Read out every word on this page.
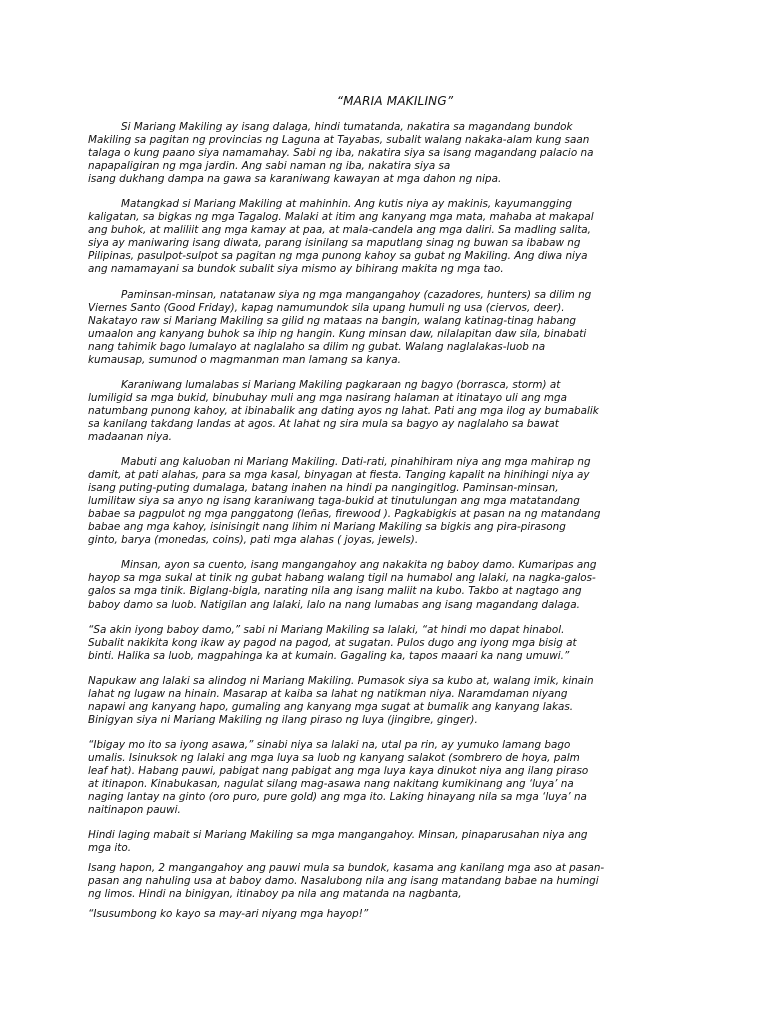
“MARIA MAKILING”

Si Mariang Makiling ay isang dalaga, hindi tumatanda, nakatira sa magandang bundok
Makiling sa pagitan ng provincias ng Laguna at Tayabas, subalit walang nakaka-alam kung saan
talaga o kung paano siya namamahay. Sabi ng iba, nakatira siya sa isang magandang palacio na
napapaligiran ng mga jardin. Ang sabi naman ng iba, nakatira siya sa
isang dukhang dampa na gawa sa karaniwang kawayan at mga dahon ng nipa.

Matangkad si Mariang Makiling at mahinhin. Ang kutis niya ay makinis, kayumangging
kaligatan, sa bigkas ng mga Tagalog. Malaki at itim ang kanyang mga mata, mahaba at makapal
ang buhok, at maliliit ang mga kamay at paa, at mala-candela ang mga daliri. Sa madling salita,
siya ay maniwaring isang diwata, parang isinilang sa maputlang sinag ng buwan sa ibabaw ng
Pilipinas, pasulpot-sulpot sa pagitan ng mga punong kahoy sa gubat ng Makiling. Ang diwa niya
ang namamayani sa bundok subalit siya mismo ay bihirang makita ng mga tao.

Paminsan-minsan, natatanaw siya ng mga mangangahoy (cazadores, hunters) sa dilim ng
Viernes Santo (Good Friday), kapag namumundok sila upang humuli ng usa (ciervos, deer).
Nakatayo raw si Mariang Makiling sa gilid ng mataas na bangin, walang katinag-tinag habang
umaalon ang kanyang buhok sa ihip ng hangin. Kung minsan daw, nilalapitan daw sila, binabati
nang tahimik bago lumalayo at naglalaho sa dilim ng gubat. Walang naglalakas-luob na
kumausap, sumunod o magmanman man lamang sa kanya.

Karaniwang lumalabas si Mariang Makiling pagkaraan ng bagyo (borrasca, storm) at
lumiligid sa mga bukid, binubuhay muli ang mga nasirang halaman at itinatayo uli ang mga
natumbang punong kahoy, at ibinabalik ang dating ayos ng lahat. Pati ang mga ilog ay bumabalik
sa kanilang takdang landas at agos. At lahat ng sira mula sa bagyo ay naglalaho sa bawat
madaanan niya.

Mabuti ang kaluoban ni Mariang Makiling. Dati-rati, pinahihiram niya ang mga mahirap ng
damit, at pati alahas, para sa mga kasal, binyagan at fiesta. Tanging kapalit na hinihingi niya ay
isang puting-puting dumalaga, batang inahen na hindi pa nangingitlog. Paminsan-minsan,
lumilitaw siya sa anyo ng isang karaniwang taga-bukid at tinutulungan ang mga matatandang
babae sa pagpulot ng mga panggatong (leñas, firewood ). Pagkabigkis at pasan na ng matandang
babae ang mga kahoy, isinisingit nang lihim ni Mariang Makiling sa bigkis ang pira-pirasong
ginto, barya (monedas, coins), pati mga alahas ( joyas, jewels).

Minsan, ayon sa cuento, isang mangangahoy ang nakakita ng baboy damo. Kumaripas ang
hayop sa mga sukal at tinik ng gubat habang walang tigil na humabol ang lalaki, na nagka-galos-
galos sa mga tinik. Biglang-bigla, narating nila ang isang maliit na kubo. Takbo at nagtago ang
baboy damo sa luob. Natigilan ang lalaki, lalo na nang lumabas ang isang magandang dalaga.

“Sa akin iyong baboy damo,” sabi ni Mariang Makiling sa lalaki, “at hindi mo dapat hinabol.
Subalit nakikita kong ikaw ay pagod na pagod, at sugatan. Pulos dugo ang iyong mga bisig at
binti. Halika sa luob, magpahinga ka at kumain. Gagaling ka, tapos maaari ka nang umuwi.”

Napukaw ang lalaki sa alindog ni Mariang Makiling. Pumasok siya sa kubo at, walang imik, kinain
lahat ng lugaw na hinain. Masarap at kaiba sa lahat ng natikman niya. Naramdaman niyang
napawi ang kanyang hapo, gumaling ang kanyang mga sugat at bumalik ang kanyang lakas.
Binigyan siya ni Mariang Makiling ng ilang piraso ng luya (jingibre, ginger).

“Ibigay mo ito sa iyong asawa,” sinabi niya sa lalaki na, utal pa rin, ay yumuko lamang bago
umalis. Isinuksok ng lalaki ang mga luya sa luob ng kanyang salakot (sombrero de hoya, palm
leaf hat). Habang pauwi, pabigat nang pabigat ang mga luya kaya dinukot niya ang ilang piraso
at itinapon. Kinabukasan, nagulat silang mag-asawa nang nakitang kumikinang ang ‘luya’ na
naging lantay na ginto (oro puro, pure gold) ang mga ito. Laking hinayang nila sa mga ‘luya’ na
naitinapon pauwi.

Hindi laging mabait si Mariang Makiling sa mga mangangahoy. Minsan, pinaparusahan niya ang
mga ito.

Isang hapon, 2 mangangahoy ang pauwi mula sa bundok, kasama ang kanilang mga aso at pasan-
pasan ang nahuling usa at baboy damo. Nasalubong nila ang isang matandang babae na humingi
ng limos. Hindi na binigyan, itinaboy pa nila ang matanda na nagbanta,

“Isusumbong ko kayo sa may-ari niyang mga hayop!”
